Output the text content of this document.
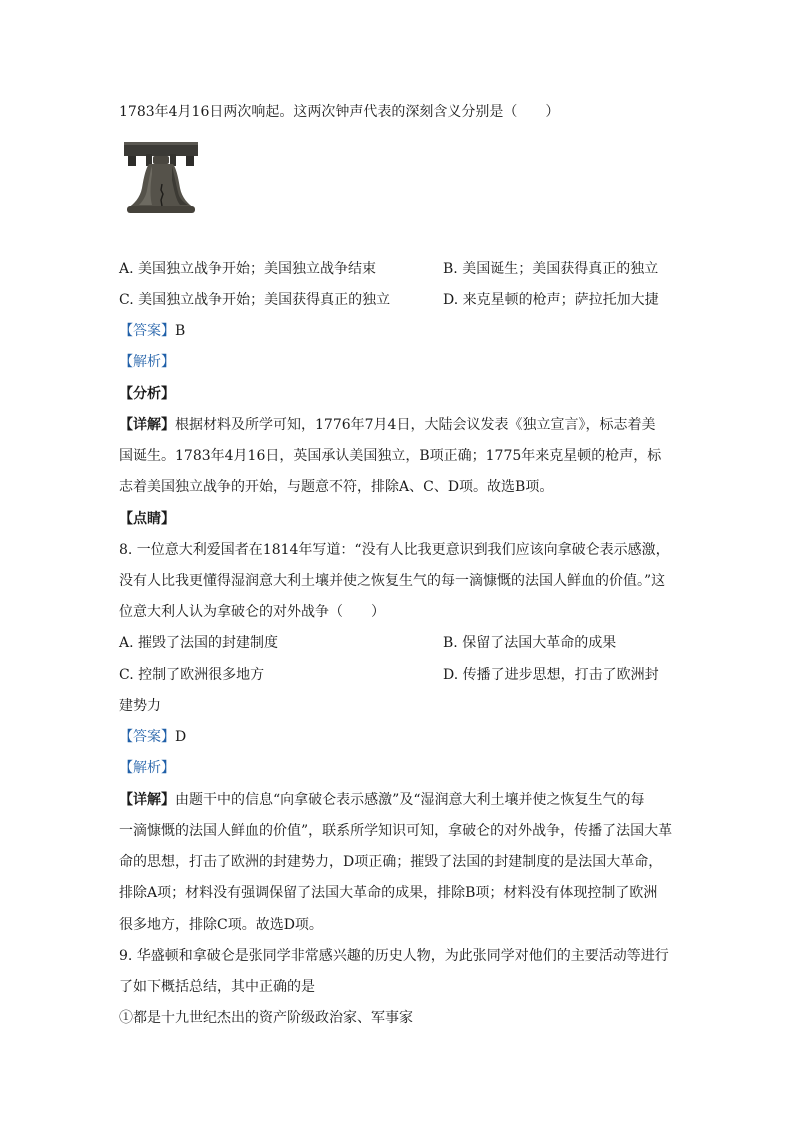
1783年4月16日两次响起。这两次钟声代表的深刻含义分别是（　　）
A. 美国独立战争开始；美国独立战争结束	B. 美国诞生；美国获得真正的独立
C. 美国独立战争开始；美国获得真正的独立	D. 来克星顿的枪声；萨拉托加大捷
【答案】B
【解析】
【分析】
【详解】根据材料及所学可知，1776年7月4日，大陆会议发表《独立宣言》，标志着美
国诞生。1783年4月16日，英国承认美国独立，B项正确；1775年来克星顿的枪声，标
志着美国独立战争的开始，与题意不符，排除A、C、D项。故选B项。
【点睛】
8. 一位意大利爱国者在1814年写道：“没有人比我更意识到我们应该向拿破仑表示感激，
没有人比我更懂得湿润意大利土壤并使之恢复生气的每一滴慷慨的法国人鲜血的价值。”这
位意大利人认为拿破仑的对外战争（　　）
A. 摧毁了法国的封建制度	B. 保留了法国大革命的成果
C. 控制了欧洲很多地方	D. 传播了进步思想，打击了欧洲封
建势力
【答案】D
【解析】
【详解】由题干中的信息“向拿破仑表示感激”及“湿润意大利土壤并使之恢复生气的每
一滴慷慨的法国人鲜血的价值”，联系所学知识可知，拿破仑的对外战争，传播了法国大革
命的思想，打击了欧洲的封建势力，D项正确；摧毁了法国的封建制度的是法国大革命，
排除A项；材料没有强调保留了法国大革命的成果，排除B项；材料没有体现控制了欧洲
很多地方，排除C项。故选D项。
9. 华盛顿和拿破仑是张同学非常感兴趣的历史人物，为此张同学对他们的主要活动等进行
了如下概括总结，其中正确的是
①都是十九世纪杰出的资产阶级政治家、军事家
